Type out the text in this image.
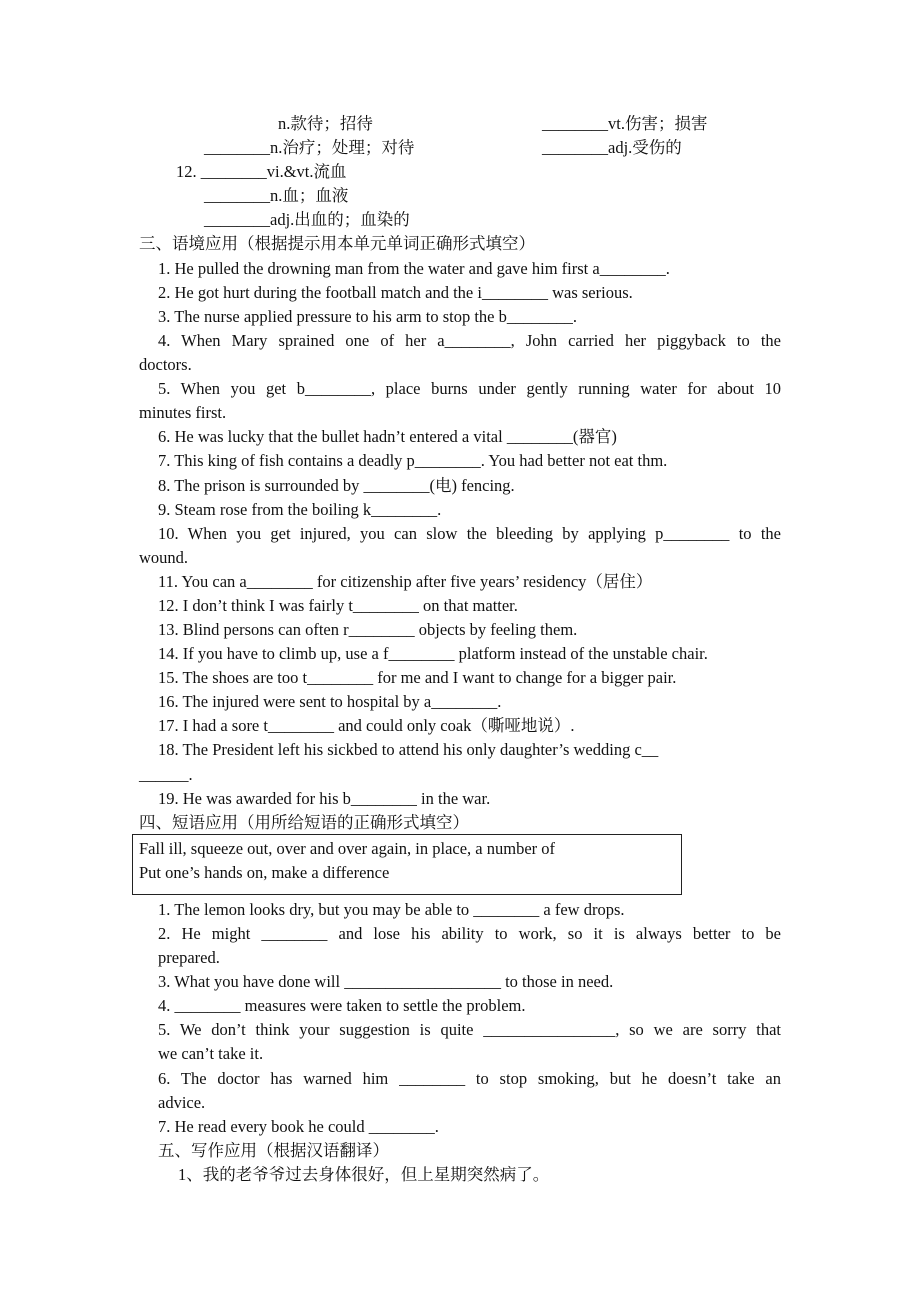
n.款待；招待	________vt.伤害；损害
________n.治疗；处理；对待	________adj.受伤的
12. ________vi.&vt.流血
________n.血；血液
________adj.出血的；血染的
三、语境应用（根据提示用本单元单词正确形式填空）
1. He pulled the drowning man from the water and gave him first a________.
2. He got hurt during the football match and the i________ was serious.
3. The nurse applied pressure to his arm to stop the b________.
4. When Mary sprained one of her a________, John carried her piggyback to the
doctors.
5. When you get b________, place burns under gently running water for about 10
minutes first.
6. He was lucky that the bullet hadn’t entered a vital ________(器官)
7. This king of fish contains a deadly p________. You had better not eat thm.
8. The prison is surrounded by ________(电) fencing.
9. Steam rose from the boiling k________.
10. When you get injured, you can slow the bleeding by applying p________ to the
wound.
11. You can a________ for citizenship after five years’ residency（居住）
12. I don’t think I was fairly t________ on that matter.
13. Blind persons can often r________ objects by feeling them.
14. If you have to climb up, use a f________ platform instead of the unstable chair.
15. The shoes are too t________ for me and I want to change for a bigger pair.
16. The injured were sent to hospital by a________.
17. I had a sore t________ and could only coak（嘶哑地说）.
18. The President left his sickbed to attend his only daughter’s wedding c__
______.
19. He was awarded for his b________ in the war.
四、短语应用（用所给短语的正确形式填空）
Fall ill, squeeze out, over and over again, in place, a number of
Put one’s hands on, make a difference
1. The lemon looks dry, but you may be able to ________ a few drops.
2. He might ________ and lose his ability to work, so it is always better to be
prepared.
3. What you have done will ___________________ to those in need.
4. ________ measures were taken to settle the problem.
5. We don’t think your suggestion is quite ________________, so we are sorry that
we can’t take it.
6. The doctor has warned him ________ to stop smoking, but he doesn’t take an
advice.
7. He read every book he could ________.
五、写作应用（根据汉语翻译）
1、我的老爷爷过去身体很好，但上星期突然病了。
